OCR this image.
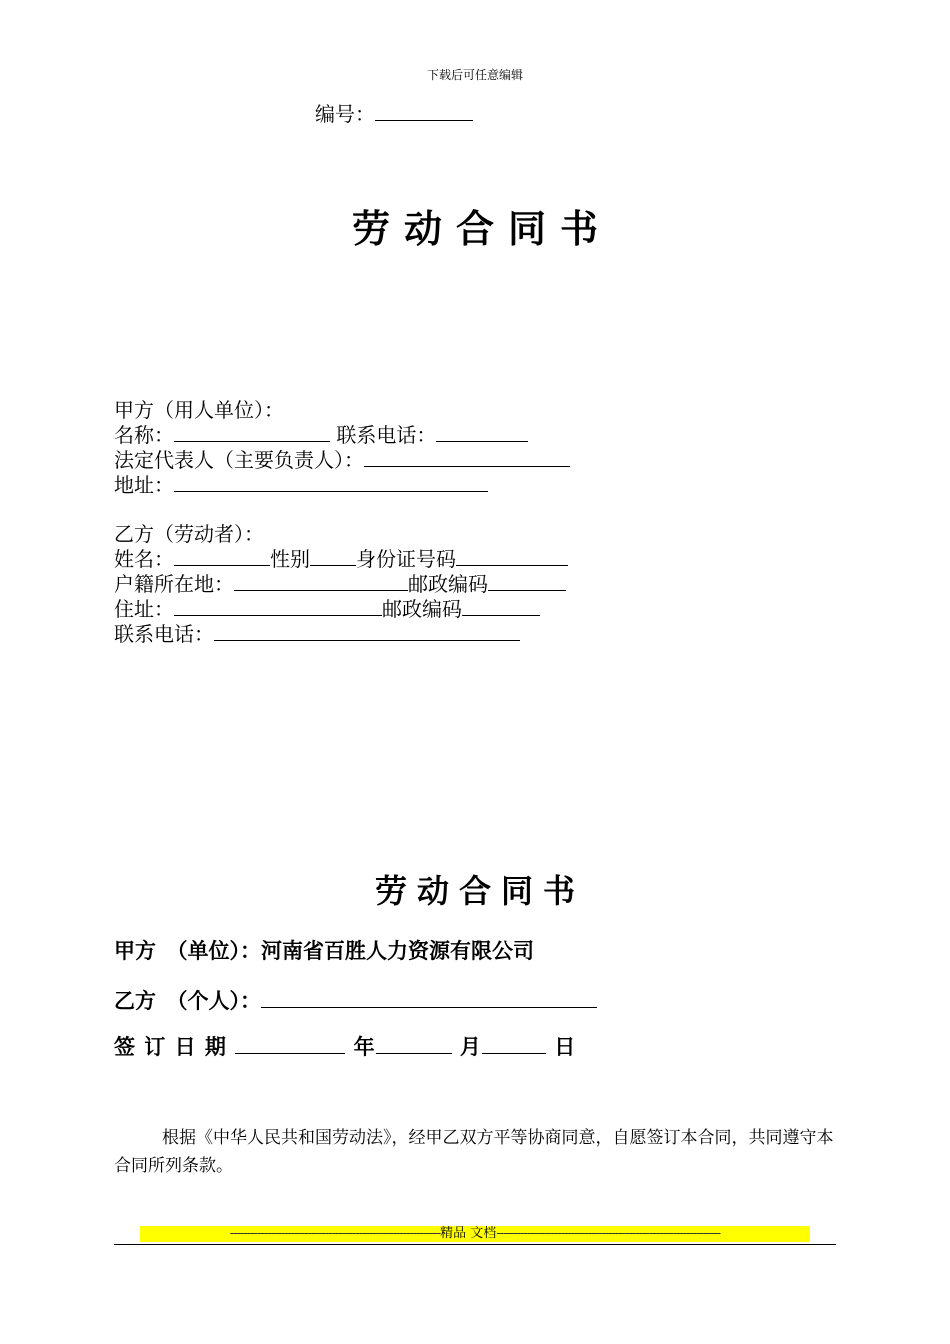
下载后可任意编辑
编号：
劳动合同书
甲方（用人单位）：
名称：	联系电话：
法定代表人（主要负责人）：
地址：
乙方（劳动者）：
姓名：	性别 身份证号码
户籍所在地：	邮政编码
住址：	邮政编码
联系电话：
劳动合同书
甲方　（单位）：河南省百胜人力资源有限公司
乙方　（个人）：
签 订 日 期	年	月	日
根据《中华人民共和国劳动法》，经甲乙双方平等协商同意，自愿签订本合同，共同遵守本合同所列条款。
--------------------------------------------------------------精品 文档------------------------------------------------------------------
